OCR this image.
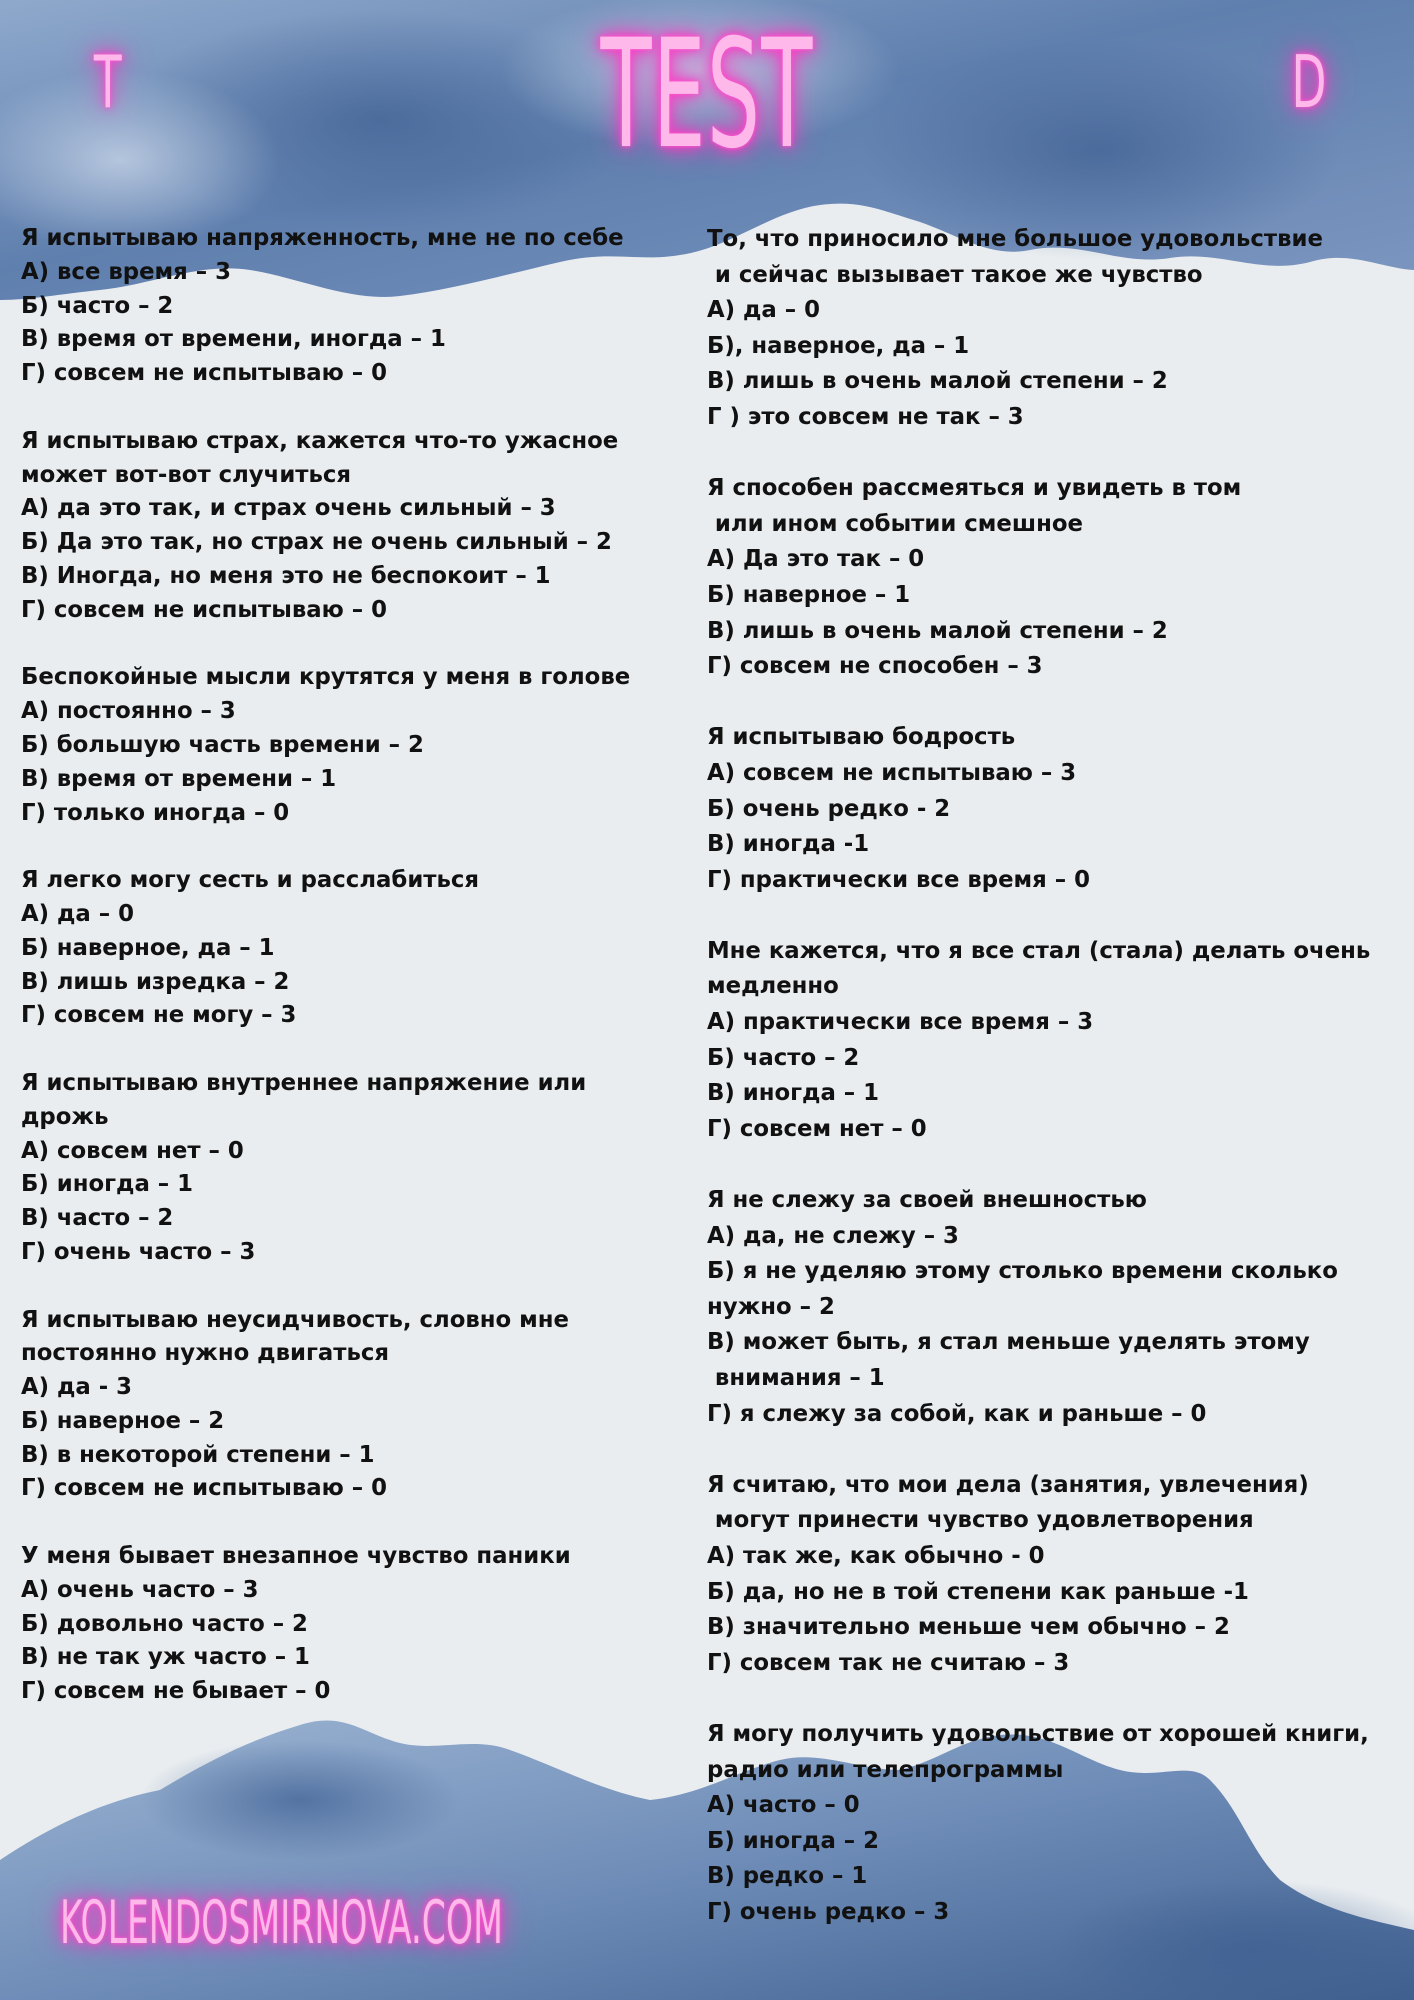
TEST
T	D
Я испытываю напряженность, мне не по себе
А) все время – 3
Б) часто – 2
В) время от времени, иногда – 1
Г) совсем не испытываю – 0
Я испытываю страх, кажется что-то ужасное
может вот-вот случиться
А) да это так, и страх очень сильный – 3
Б) Да это так, но страх не очень сильный – 2
В) Иногда, но меня это не беспокоит – 1
Г) совсем не испытываю – 0
Беспокойные мысли крутятся у меня в голове
А) постоянно – 3
Б) большую часть времени – 2
В) время от времени – 1
Г) только иногда – 0
Я легко могу сесть и расслабиться
А) да – 0
Б) наверное, да – 1
В) лишь изредка – 2
Г) совсем не могу – 3
Я испытываю внутреннее напряжение или
дрожь
А) совсем нет – 0
Б) иногда – 1
В) часто – 2
Г) очень часто – 3
Я испытываю неусидчивость, словно мне
постоянно нужно двигаться
А) да - 3
Б) наверное – 2
В) в некоторой степени – 1
Г) совсем не испытываю – 0
У меня бывает внезапное чувство паники
А) очень часто – 3
Б) довольно часто – 2
В) не так уж часто – 1
Г) совсем не бывает – 0
То, что приносило мне большое удовольствие
и сейчас вызывает такое же чувство
А) да – 0
Б), наверное, да – 1
В) лишь в очень малой степени – 2
Г ) это совсем не так – 3
Я способен рассмеяться и увидеть в том
или ином событии смешное
А) Да это так – 0
Б) наверное – 1
В) лишь в очень малой степени – 2
Г) совсем не способен – 3
Я испытываю бодрость
А) совсем не испытываю – 3
Б) очень редко - 2
В) иногда -1
Г) практически все время – 0
Мне кажется, что я все стал (стала) делать очень
медленно
А) практически все время – 3
Б) часто – 2
В) иногда – 1
Г) совсем нет – 0
Я не слежу за своей внешностью
А) да, не слежу – 3
Б) я не уделяю этому столько времени сколько
нужно – 2
В) может быть, я стал меньше уделять этому
внимания – 1
Г) я слежу за собой, как и раньше – 0
Я считаю, что мои дела (занятия, увлечения)
могут принести чувство удовлетворения
А) так же, как обычно - 0
Б) да, но не в той степени как раньше -1
В) значительно меньше чем обычно – 2
Г) совсем так не считаю – 3
Я могу получить удовольствие от хорошей книги,
радио или телепрограммы
А) часто – 0
Б) иногда – 2
В) редко – 1
Г) очень редко – 3
KOLENDOSMIRNOVA.COM
